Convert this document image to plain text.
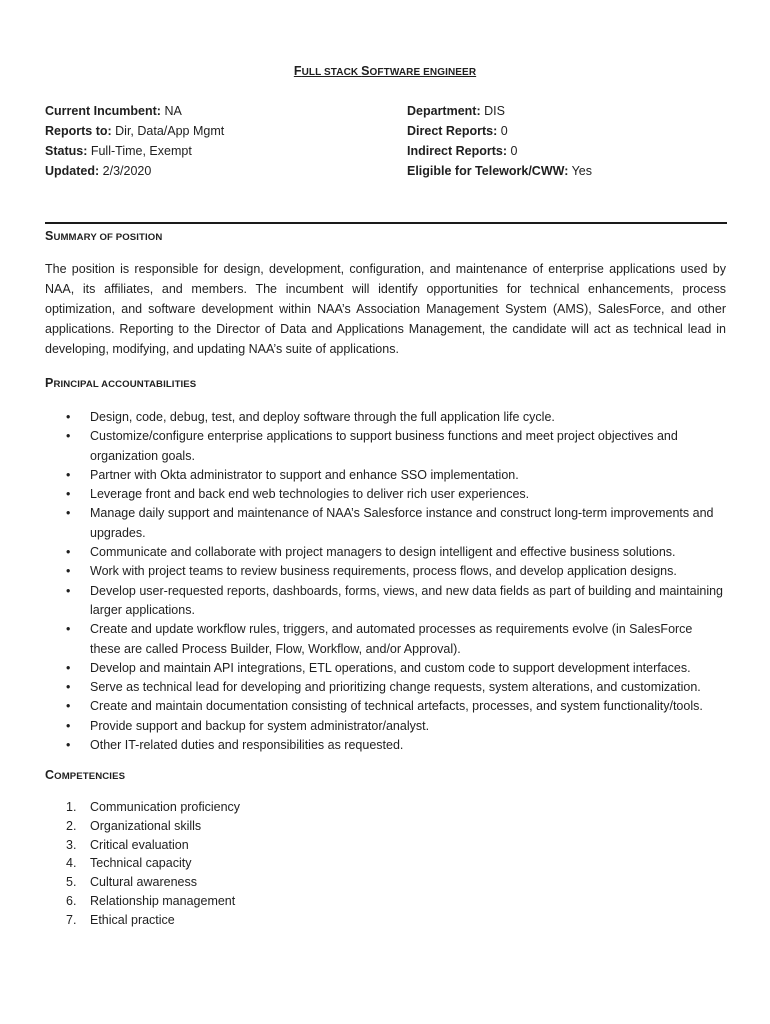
FULL STACK SOFTWARE ENGINEER
Current Incumbent: NA
Reports to: Dir, Data/App Mgmt
Status: Full-Time, Exempt
Updated: 2/3/2020
Department: DIS
Direct Reports: 0
Indirect Reports: 0
Eligible for Telework/CWW: Yes
SUMMARY OF POSITION
The position is responsible for design, development, configuration, and maintenance of enterprise applications used by NAA, its affiliates, and members. The incumbent will identify opportunities for technical enhancements, process optimization, and software development within NAA’s Association Management System (AMS), SalesForce, and other applications. Reporting to the Director of Data and Applications Management, the candidate will act as technical lead in developing, modifying, and updating NAA’s suite of applications.
PRINCIPAL ACCOUNTABILITIES
• Design, code, debug, test, and deploy software through the full application life cycle.
• Customize/configure enterprise applications to support business functions and meet project objectives and organization goals.
• Partner with Okta administrator to support and enhance SSO implementation.
• Leverage front and back end web technologies to deliver rich user experiences.
• Manage daily support and maintenance of NAA’s Salesforce instance and construct long-term improvements and upgrades.
• Communicate and collaborate with project managers to design intelligent and effective business solutions.
• Work with project teams to review business requirements, process flows, and develop application designs.
• Develop user-requested reports, dashboards, forms, views, and new data fields as part of building and maintaining larger applications.
• Create and update workflow rules, triggers, and automated processes as requirements evolve (in SalesForce these are called Process Builder, Flow, Workflow, and/or Approval).
• Develop and maintain API integrations, ETL operations, and custom code to support development interfaces.
• Serve as technical lead for developing and prioritizing change requests, system alterations, and customization.
• Create and maintain documentation consisting of technical artefacts, processes, and system functionality/tools.
• Provide support and backup for system administrator/analyst.
• Other IT-related duties and responsibilities as requested.
COMPETENCIES
1. Communication proficiency
2. Organizational skills
3. Critical evaluation
4. Technical capacity
5. Cultural awareness
6. Relationship management
7. Ethical practice
